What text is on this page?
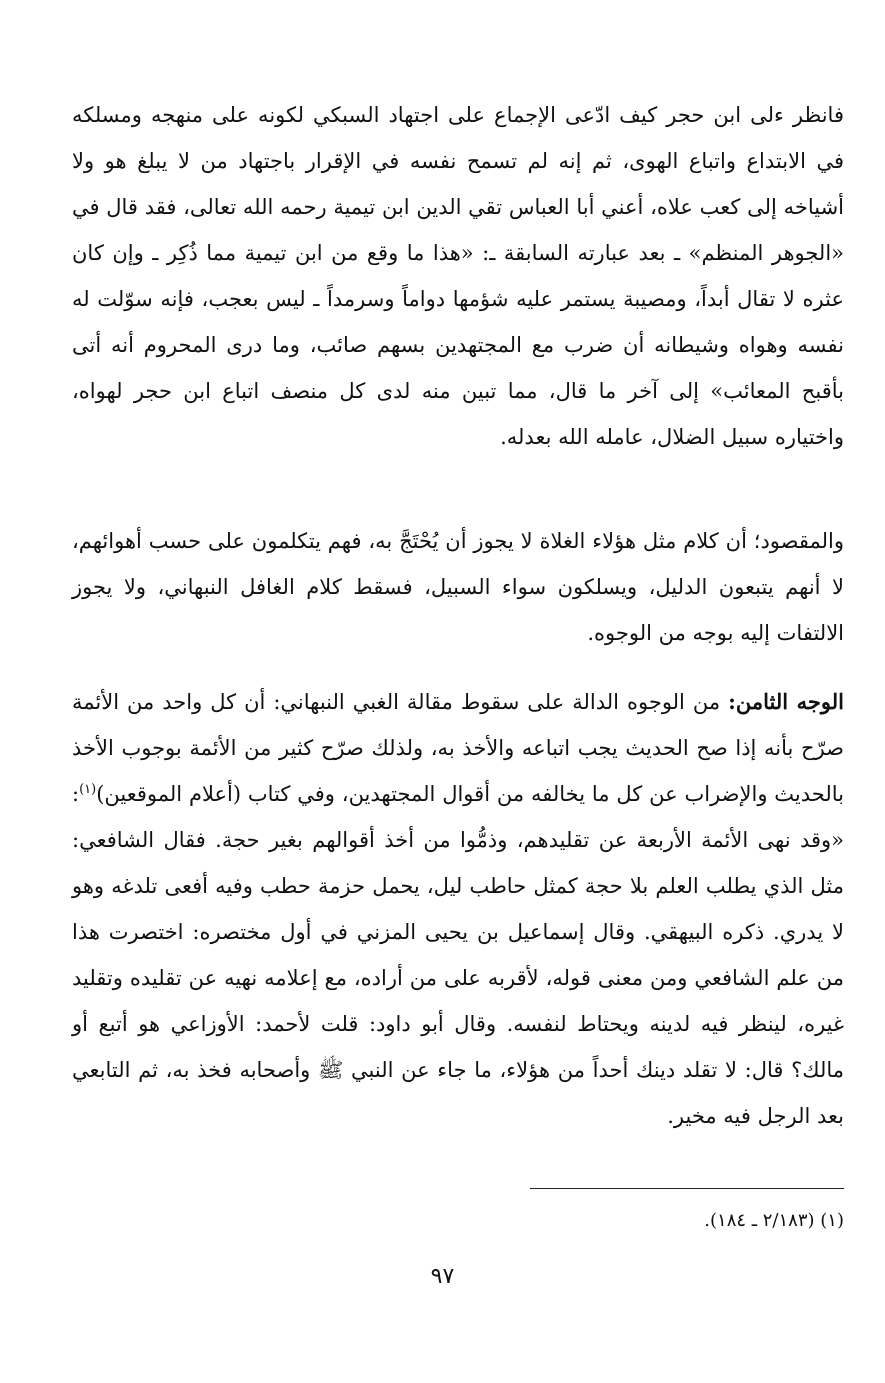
فانظر ءلى ابن حجر كيف ادّعى الإجماع على اجتهاد السبكي لكونه على منهجه ومسلكه في الابتداع واتباع الهوى، ثم إنه لم تسمح نفسه في الإقرار باجتهاد من لا يبلغ هو ولا أشياخه إلى كعب علاه، أعني أبا العباس تقي الدين ابن تيمية رحمه الله تعالى، فقد قال في «الجوهر المنظم» ـ بعد عبارته السابقة ـ: «هذا ما وقع من ابن تيمية مما ذُكِر ـ وإن كان عثره لا تقال أبداً، ومصيبة يستمر عليه شؤمها دواماً وسرمداً ـ ليس بعجب، فإنه سوّلت له نفسه وهواه وشيطانه أن ضرب مع المجتهدين بسهم صائب، وما درى المحروم أنه أتى بأقبح المعائب» إلى آخر ما قال، مما تبين منه لدى كل منصف اتباع ابن حجر لهواه، واختياره سبيل الضلال، عامله الله بعدله.

والمقصود؛ أن كلام مثل هؤلاء الغلاة لا يجوز أن يُحْتَجَّ به، فهم يتكلمون على حسب أهوائهم، لا أنهم يتبعون الدليل، ويسلكون سواء السبيل، فسقط كلام الغافل النبهاني، ولا يجوز الالتفات إليه بوجه من الوجوه.

الوجه الثامن: من الوجوه الدالة على سقوط مقالة الغبي النبهاني: أن كل واحد من الأئمة صرّح بأنه إذا صح الحديث يجب اتباعه والأخذ به، ولذلك صرّح كثير من الأئمة بوجوب الأخذ بالحديث والإضراب عن كل ما يخالفه من أقوال المجتهدين، وفي كتاب (أعلام الموقعين)$^{(١)}$: «وقد نهى الأئمة الأربعة عن تقليدهم، وذمُّوا من أخذ أقوالهم بغير حجة. فقال الشافعي: مثل الذي يطلب العلم بلا حجة كمثل حاطب ليل، يحمل حزمة حطب وفيه أفعى تلدغه وهو لا يدري. ذكره البيهقي. وقال إسماعيل بن يحيى المزني في أول مختصره: اختصرت هذا من علم الشافعي ومن معنى قوله، لأقربه على من أراده، مع إعلامه نهيه عن تقليده وتقليد غيره، لينظر فيه لدينه ويحتاط لنفسه. وقال أبو داود: قلت لأحمد: الأوزاعي هو أتبع أو مالك؟ قال: لا تقلد دينك أحداً من هؤلاء، ما جاء عن النبي ﷺ وأصحابه فخذ به، ثم التابعي بعد الرجل فيه مخير.

(١) (٢/١٨٣ ـ ١٨٤).
٩٧
